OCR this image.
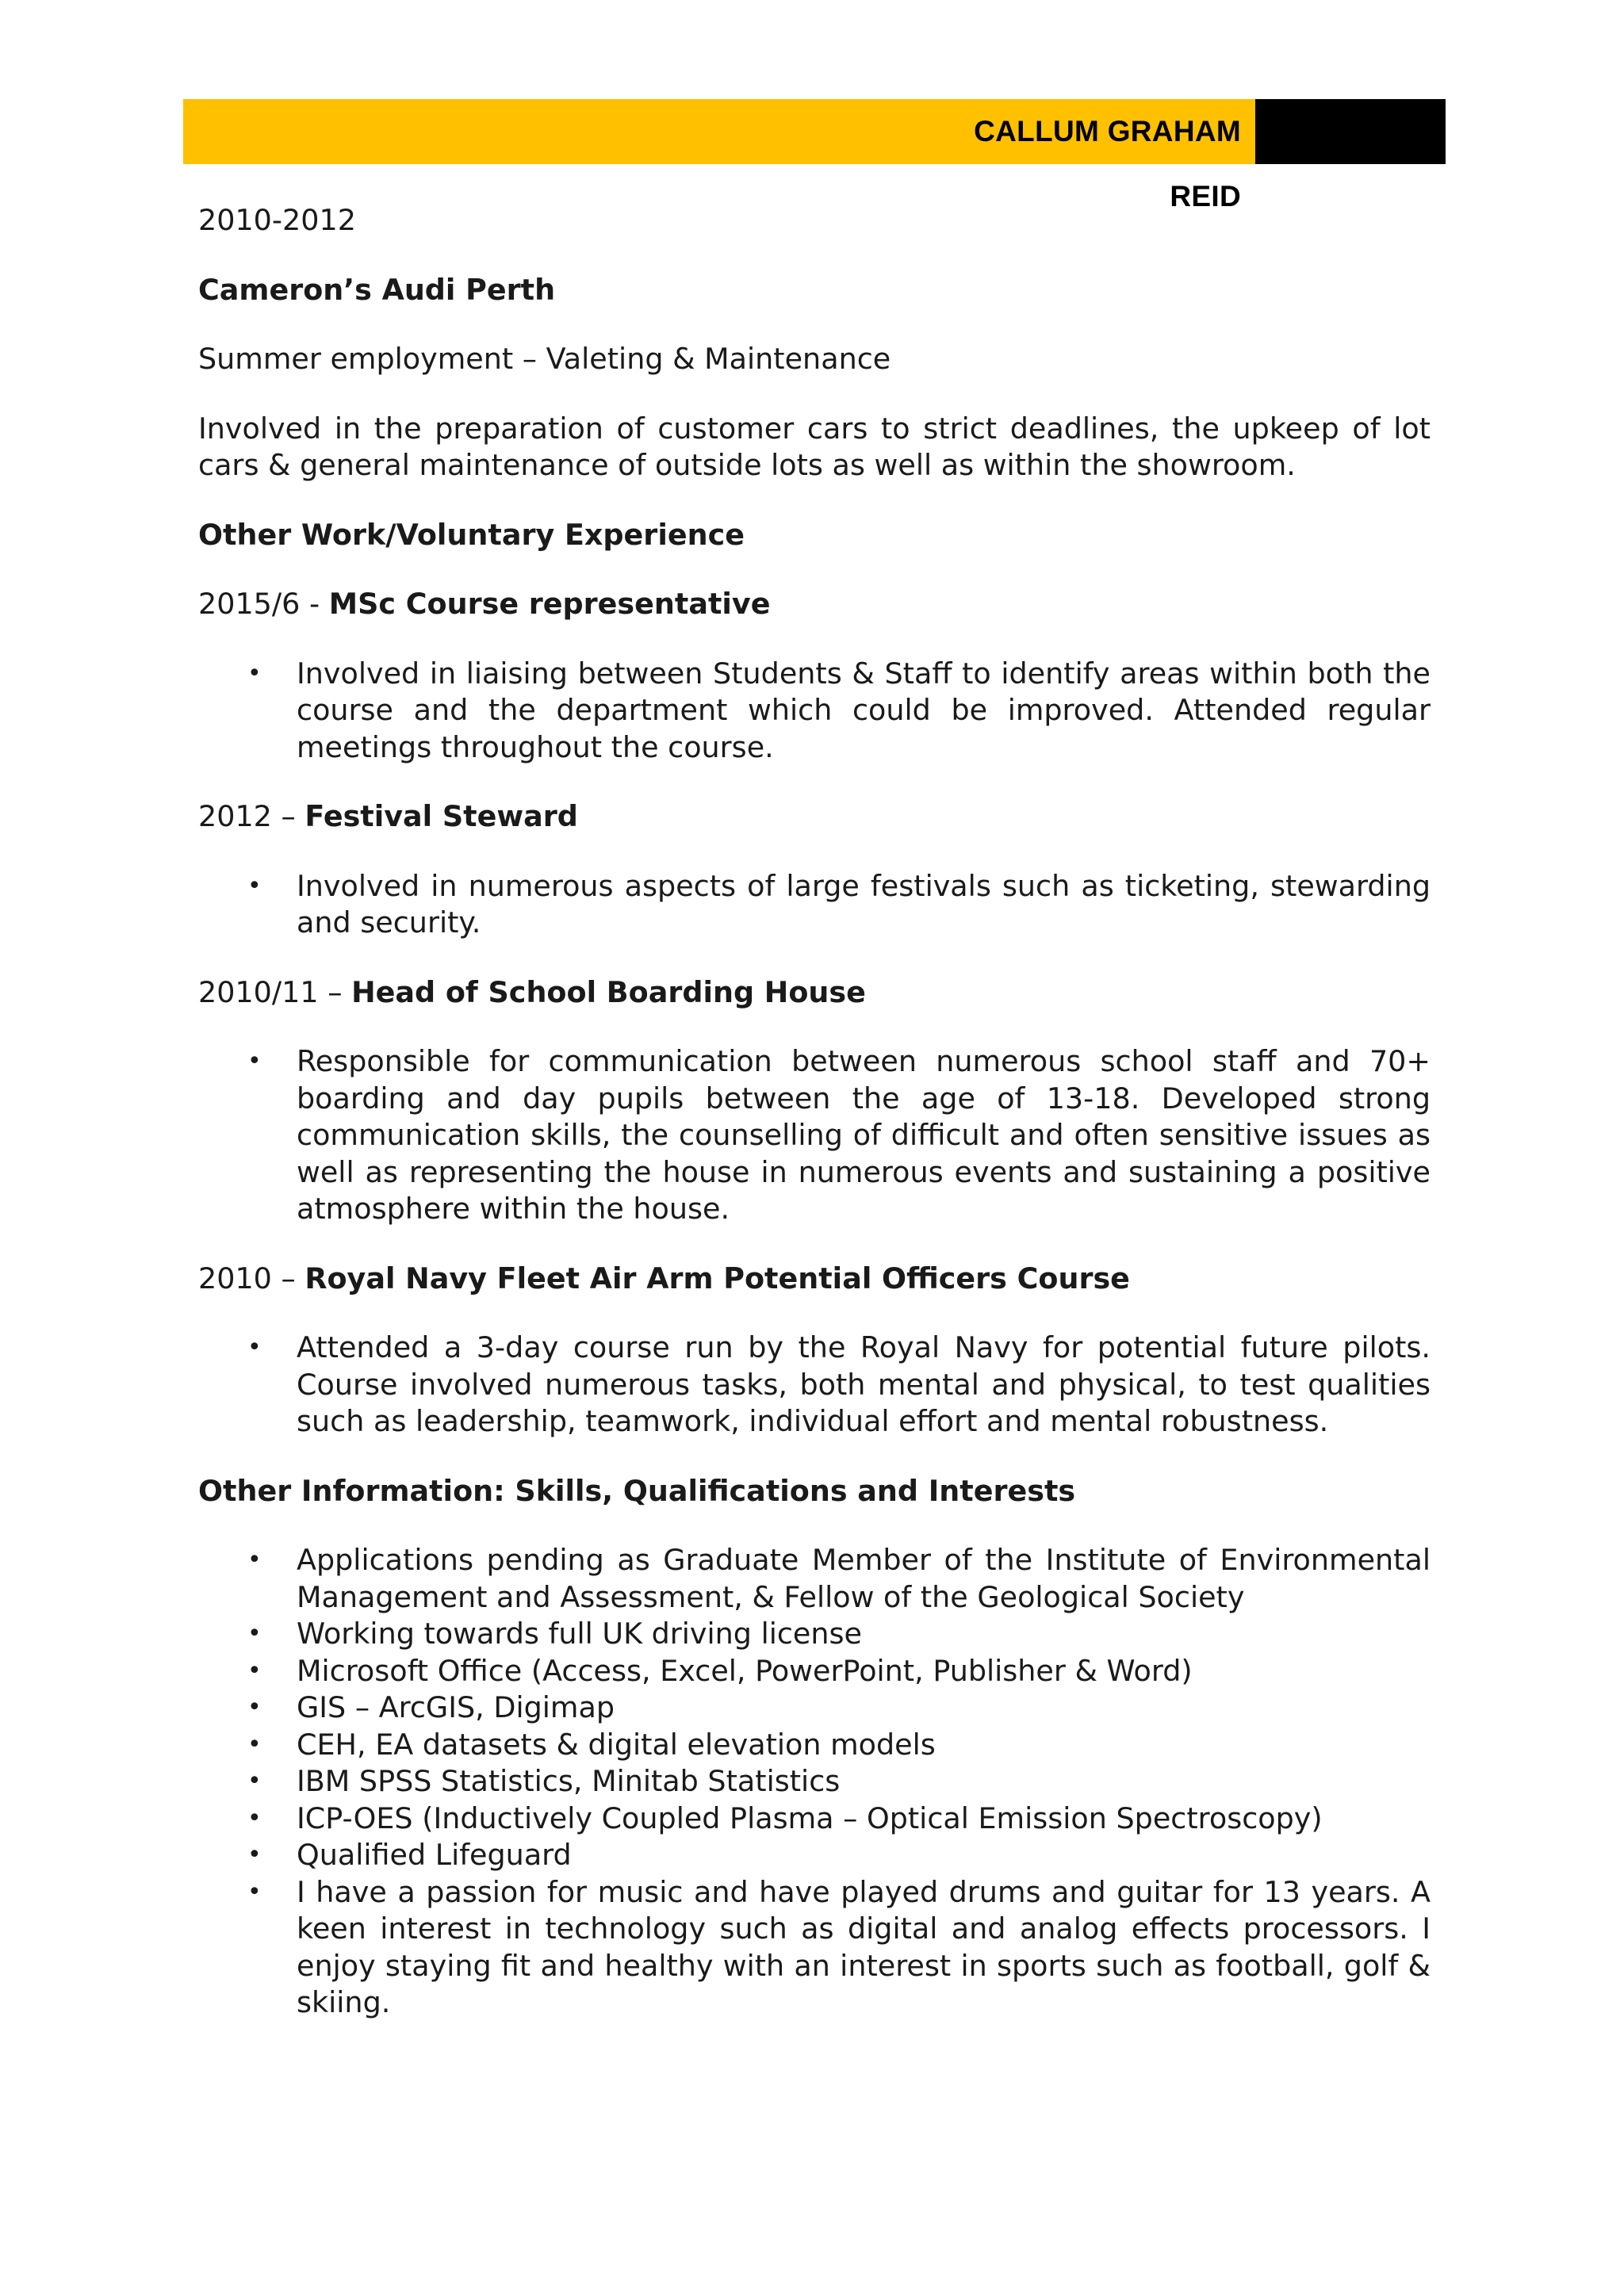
CALLUM GRAHAM REID

2010-2012

Cameron’s Audi Perth

Summer employment – Valeting & Maintenance

Involved in the preparation of customer cars to strict deadlines, the upkeep of lot cars & general maintenance of outside lots as well as within the showroom.

Other Work/Voluntary Experience

2015/6 - MSc Course representative

• Involved in liaising between Students & Staff to identify areas within both the course and the department which could be improved. Attended regular meetings throughout the course.

2012 – Festival Steward

• Involved in numerous aspects of large festivals such as ticketing, stewarding and security.

2010/11 – Head of School Boarding House

• Responsible for communication between numerous school staff and 70+ boarding and day pupils between the age of 13-18. Developed strong communication skills, the counselling of difficult and often sensitive issues as well as representing the house in numerous events and sustaining a positive atmosphere within the house.

2010 – Royal Navy Fleet Air Arm Potential Officers Course

• Attended a 3-day course run by the Royal Navy for potential future pilots. Course involved numerous tasks, both mental and physical, to test qualities such as leadership, teamwork, individual effort and mental robustness.

Other Information: Skills, Qualifications and Interests

• Applications pending as Graduate Member of the Institute of Environmental Management and Assessment, & Fellow of the Geological Society
• Working towards full UK driving license
• Microsoft Office (Access, Excel, PowerPoint, Publisher & Word)
• GIS – ArcGIS, Digimap
• CEH, EA datasets & digital elevation models
• IBM SPSS Statistics, Minitab Statistics
• ICP-OES (Inductively Coupled Plasma – Optical Emission Spectroscopy)
• Qualified Lifeguard
• I have a passion for music and have played drums and guitar for 13 years. A keen interest in technology such as digital and analog effects processors. I enjoy staying fit and healthy with an interest in sports such as football, golf & skiing.
